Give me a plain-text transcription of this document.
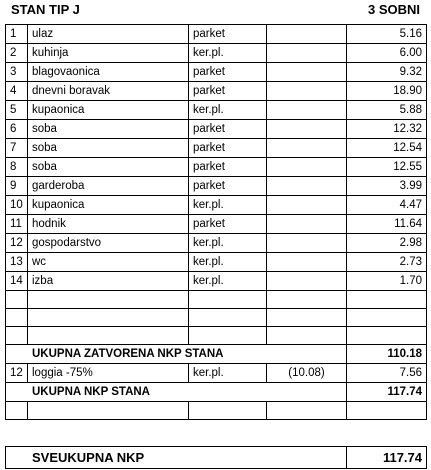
STAN TIP J	3 SOBNI
1	ulaz	parket		5.16
2	kuhinja	ker.pl.		6.00
3	blagovaonica	parket		9.32
4	dnevni boravak	parket		18.90
5	kupaonica	ker.pl.		5.88
6	soba	parket		12.32
7	soba	parket		12.54
8	soba	parket		12.55
9	garderoba	parket		3.99
10	kupaonica	ker.pl.		4.47
11	hodnik	parket		11.64
12	gospodarstvo	ker.pl.		2.98
13	wc	ker.pl.		2.73
14	izba	ker.pl.		1.70

UKUPNA ZATVORENA NKP STANA				110.18
12	loggia -75%	ker.pl.	(10.08)	7.56
UKUPNA NKP STANA				117.74

SVEUKUPNA NKP	117.74
